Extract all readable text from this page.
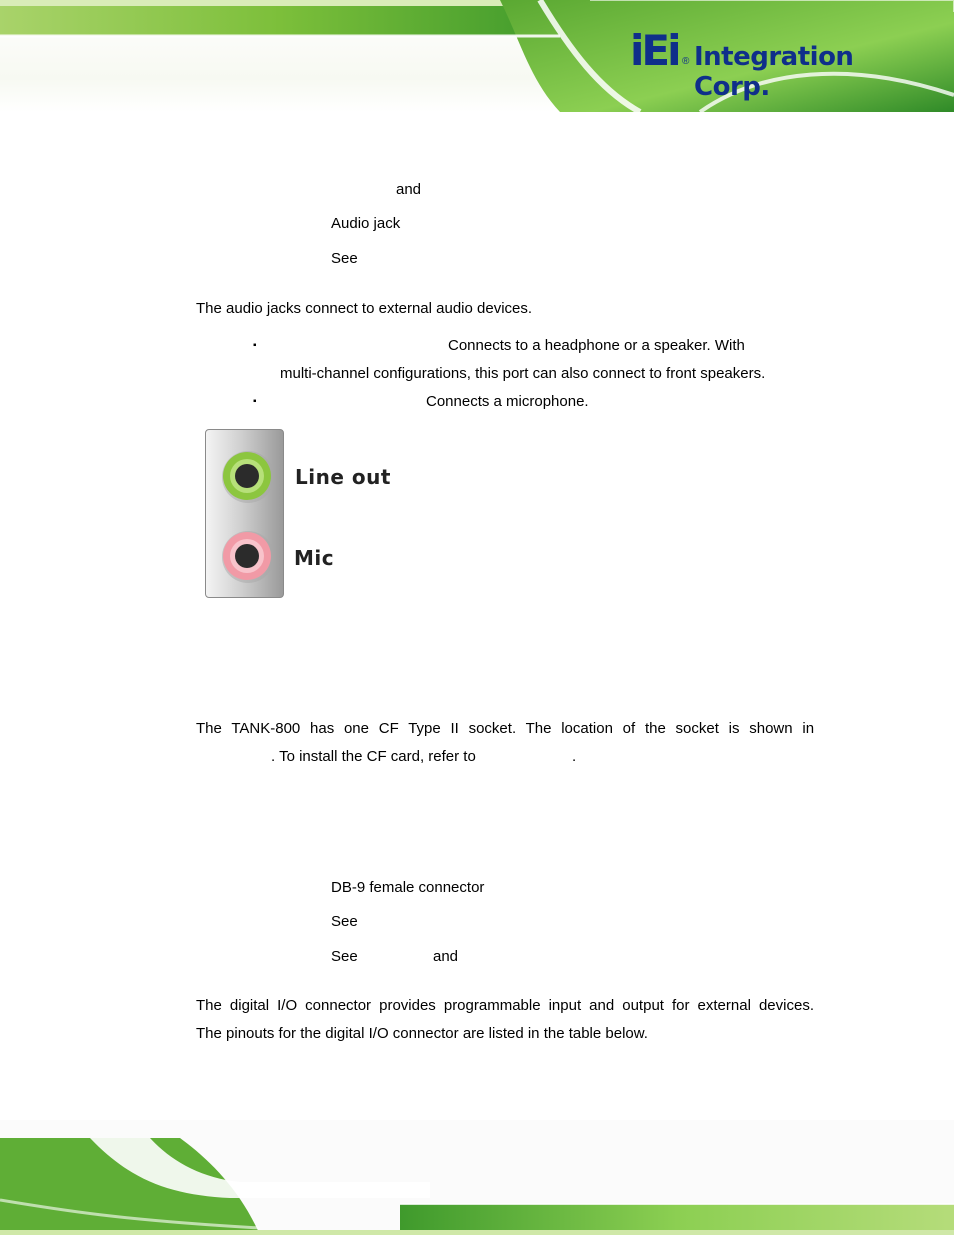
iEi ® Integration Corp.
and
Audio jack
See
The audio jacks connect to external audio devices.
▪	Connects to a headphone or a speaker. With
multi-channel configurations, this port can also connect to front speakers.
▪	Connects a microphone.
Line out
Mic
The TANK-800 has one CF Type II socket. The location of the socket is shown in
. To install the CF card, refer to	.
DB-9 female connector
See
See	and
The digital I/O connector provides programmable input and output for external devices.
The pinouts for the digital I/O connector are listed in the table below.
